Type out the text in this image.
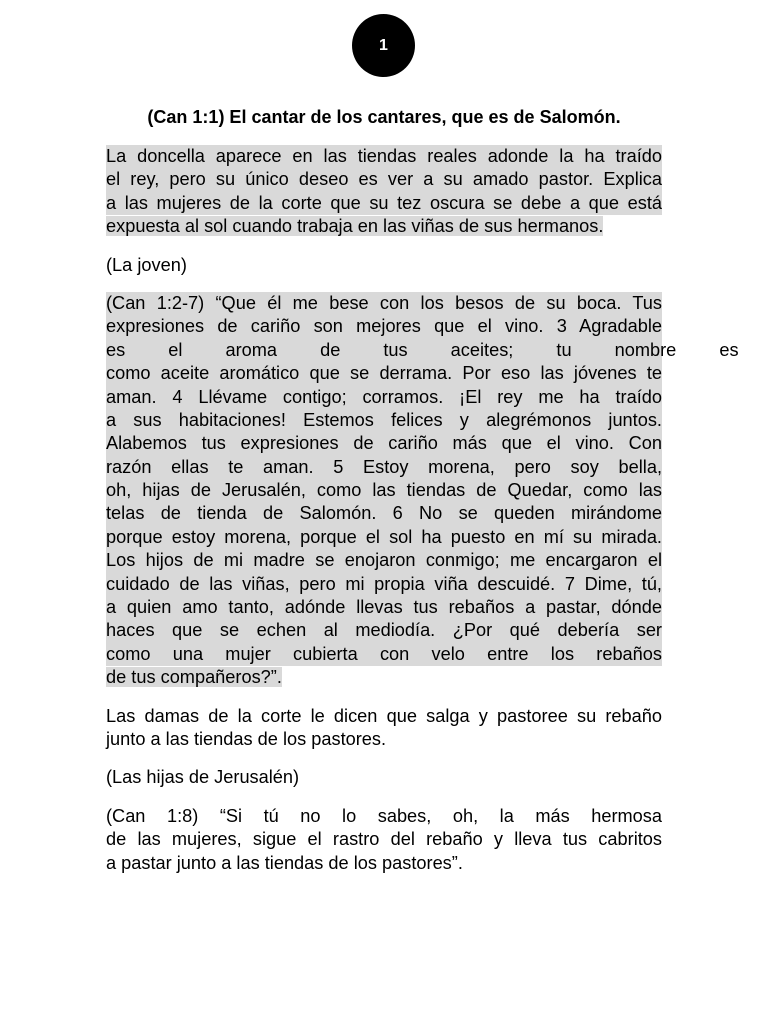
1
(Can 1:1) El cantar de los cantares, que es de Salomón.
La doncella aparece en las tiendas reales adonde la ha traído
el rey, pero su único deseo es ver a su amado pastor. Explica
a las mujeres de la corte que su tez oscura se debe a que está
expuesta al sol cuando trabaja en las viñas de sus hermanos.
(La joven)
(Can 1:2-7) “Que él me bese con los besos de su boca. Tus
expresiones de cariño son mejores que el vino. 3 Agradable
es el aroma de tus aceites; tu nombre es
como aceite aromático que se derrama. Por eso las jóvenes te
aman. 4 Llévame contigo; corramos. ¡El rey me ha traído
a sus habitaciones! Estemos felices y alegrémonos juntos.
Alabemos tus expresiones de cariño más que el vino. Con
razón ellas te aman. 5 Estoy morena, pero soy bella,
oh, hijas de Jerusalén, como las tiendas de Quedar, como las
telas de tienda de Salomón. 6 No se queden mirándome
porque estoy morena, porque el sol ha puesto en mí su mirada.
Los hijos de mi madre se enojaron conmigo; me encargaron el
cuidado de las viñas, pero mi propia viña descuidé. 7 Dime, tú,
a quien amo tanto, adónde llevas tus rebaños a pastar, dónde
haces que se echen al mediodía. ¿Por qué debería ser
como una mujer cubierta con velo entre los rebaños
de tus compañeros?”.
Las damas de la corte le dicen que salga y pastoree su rebaño
junto a las tiendas de los pastores.
(Las hijas de Jerusalén)
(Can 1:8) “Si tú no lo sabes, oh, la más hermosa
de las mujeres, sigue el rastro del rebaño y lleva tus cabritos
a pastar junto a las tiendas de los pastores”.
